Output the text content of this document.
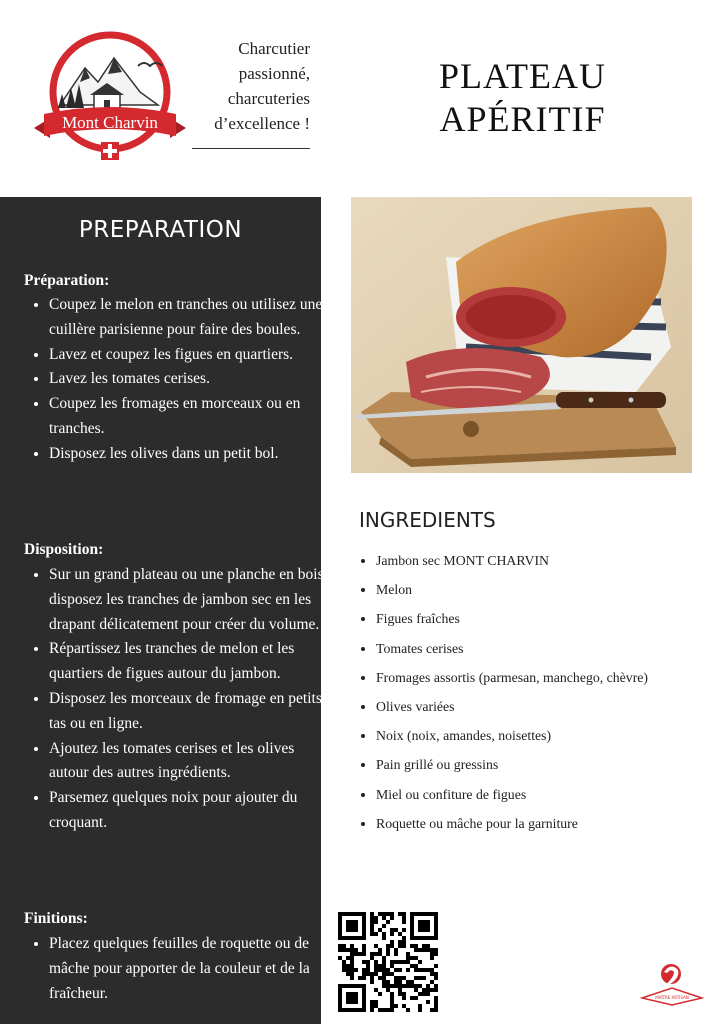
Mont Charvin
Charcutier
passionné,
charcuteries
d’excellence !
PLATEAU
APÉRITIF
PREPARATION
Préparation:
• Coupez le melon en tranches ou utilisez une cuillère parisienne pour faire des boules.
• Lavez et coupez les figues en quartiers.
• Lavez les tomates cerises.
• Coupez les fromages en morceaux ou en tranches.
• Disposez les olives dans un petit bol.
Disposition:
• Sur un grand plateau ou une planche en bois, disposez les tranches de jambon sec en les drapant délicatement pour créer du volume.
• Répartissez les tranches de melon et les quartiers de figues autour du jambon.
• Disposez les morceaux de fromage en petits tas ou en ligne.
• Ajoutez les tomates cerises et les olives autour des autres ingrédients.
• Parsemez quelques noix pour ajouter du croquant.
Finitions:
• Placez quelques feuilles de roquette ou de mâche pour apporter de la couleur et de la fraîcheur.
INGREDIENTS
• Jambon sec MONT CHARVIN
• Melon
• Figues fraîches
• Tomates cerises
• Fromages assortis (parmesan, manchego, chèvre)
• Olives variées
• Noix (noix, amandes, noisettes)
• Pain grillé ou gressins
• Miel ou confiture de figues
• Roquette ou mâche pour la garniture
MAÎTRE ARTISAN
